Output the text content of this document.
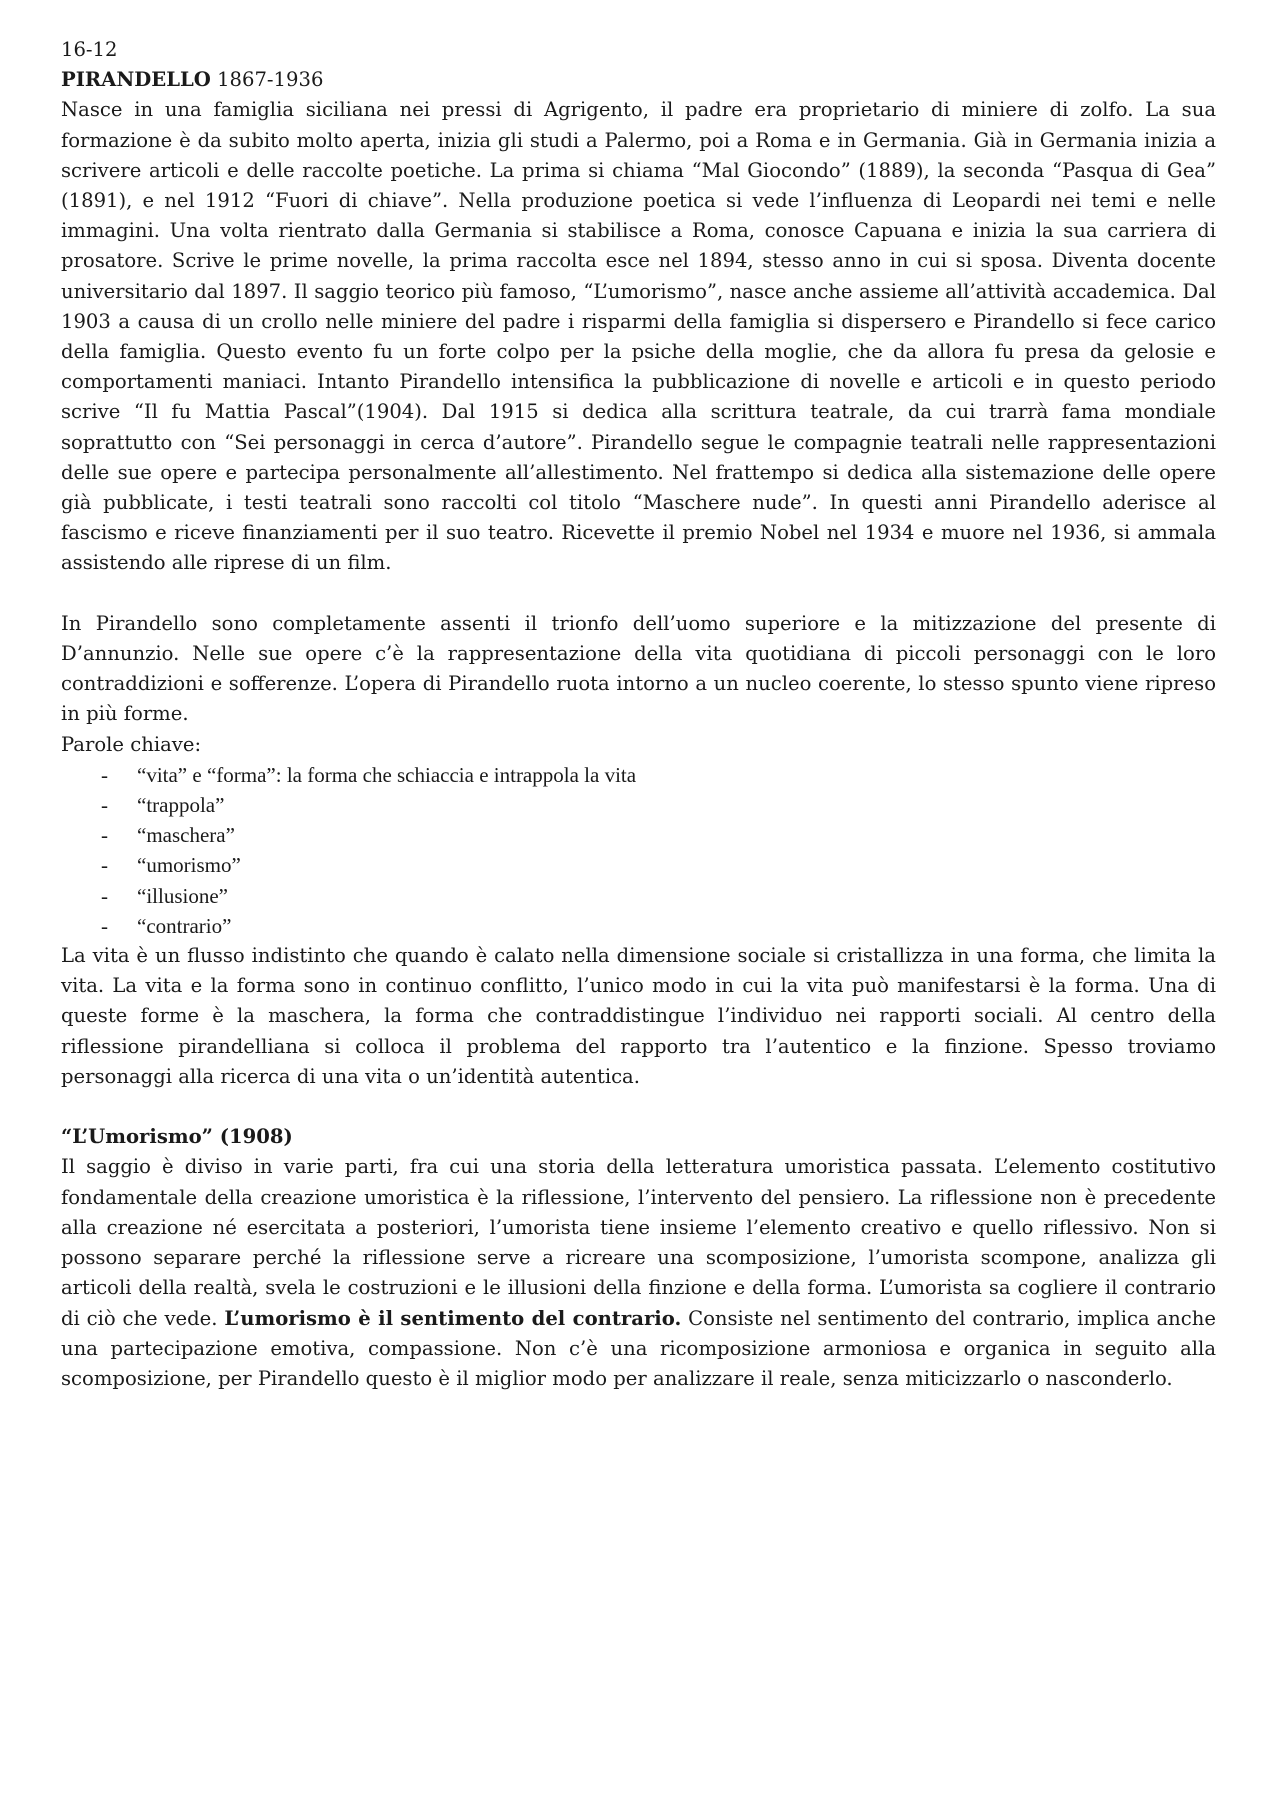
16-12

PIRANDELLO 1867-1936

Nasce in una famiglia siciliana nei pressi di Agrigento, il padre era proprietario di miniere di zolfo. La sua formazione è da subito molto aperta, inizia gli studi a Palermo, poi a Roma e in Germania. Già in Germania inizia a scrivere articoli e delle raccolte poetiche. La prima si chiama “Mal Giocondo” (1889), la seconda “Pasqua di Gea” (1891), e nel 1912 “Fuori di chiave”. Nella produzione poetica si vede l’influenza di Leopardi nei temi e nelle immagini. Una volta rientrato dalla Germania si stabilisce a Roma, conosce Capuana e inizia la sua carriera di prosatore. Scrive le prime novelle, la prima raccolta esce nel 1894, stesso anno in cui si sposa. Diventa docente universitario dal 1897. Il saggio teorico più famoso, “L’umorismo”, nasce anche assieme all’attività accademica. Dal 1903 a causa di un crollo nelle miniere del padre i risparmi della famiglia si dispersero e Pirandello si fece carico della famiglia. Questo evento fu un forte colpo per la psiche della moglie, che da allora fu presa da gelosie e comportamenti maniaci. Intanto Pirandello intensifica la pubblicazione di novelle e articoli e in questo periodo scrive “Il fu Mattia Pascal”(1904). Dal 1915 si dedica alla scrittura teatrale, da cui trarrà fama mondiale soprattutto con “Sei personaggi in cerca d’autore”. Pirandello segue le compagnie teatrali nelle rappresentazioni delle sue opere e partecipa personalmente all’allestimento. Nel frattempo si dedica alla sistemazione delle opere già pubblicate, i testi teatrali sono raccolti col titolo “Maschere nude”. In questi anni Pirandello aderisce al fascismo e riceve finanziamenti per il suo teatro. Ricevette il premio Nobel nel 1934 e muore nel 1936, si ammala assistendo alle riprese di un film.

In Pirandello sono completamente assenti il trionfo dell’uomo superiore e la mitizzazione del presente di D’annunzio. Nelle sue opere c’è la rappresentazione della vita quotidiana di piccoli personaggi con le loro contraddizioni e sofferenze. L’opera di Pirandello ruota intorno a un nucleo coerente, lo stesso spunto viene ripreso in più forme.

Parole chiave:

- “vita” e “forma”: la forma che schiaccia e intrappola la vita
- “trappola”
- “maschera”
- “umorismo”
- “illusione”
- “contrario”

La vita è un flusso indistinto che quando è calato nella dimensione sociale si cristallizza in una forma, che limita la vita. La vita e la forma sono in continuo conflitto, l’unico modo in cui la vita può manifestarsi è la forma. Una di queste forme è la maschera, la forma che contraddistingue l’individuo nei rapporti sociali. Al centro della riflessione pirandelliana si colloca il problema del rapporto tra l’autentico e la finzione. Spesso troviamo personaggi alla ricerca di una vita o un’identità autentica.

“L’Umorismo” (1908)

Il saggio è diviso in varie parti, fra cui una storia della letteratura umoristica passata. L’elemento costitutivo fondamentale della creazione umoristica è la riflessione, l’intervento del pensiero. La riflessione non è precedente alla creazione né esercitata a posteriori, l’umorista tiene insieme l’elemento creativo e quello riflessivo. Non si possono separare perché la riflessione serve a ricreare una scomposizione, l’umorista scompone, analizza gli articoli della realtà, svela le costruzioni e le illusioni della finzione e della forma. L’umorista sa cogliere il contrario di ciò che vede. L’umorismo è il sentimento del contrario. Consiste nel sentimento del contrario, implica anche una partecipazione emotiva, compassione. Non c’è una ricomposizione armoniosa e organica in seguito alla scomposizione, per Pirandello questo è il miglior modo per analizzare il reale, senza miticizzarlo o nasconderlo.
